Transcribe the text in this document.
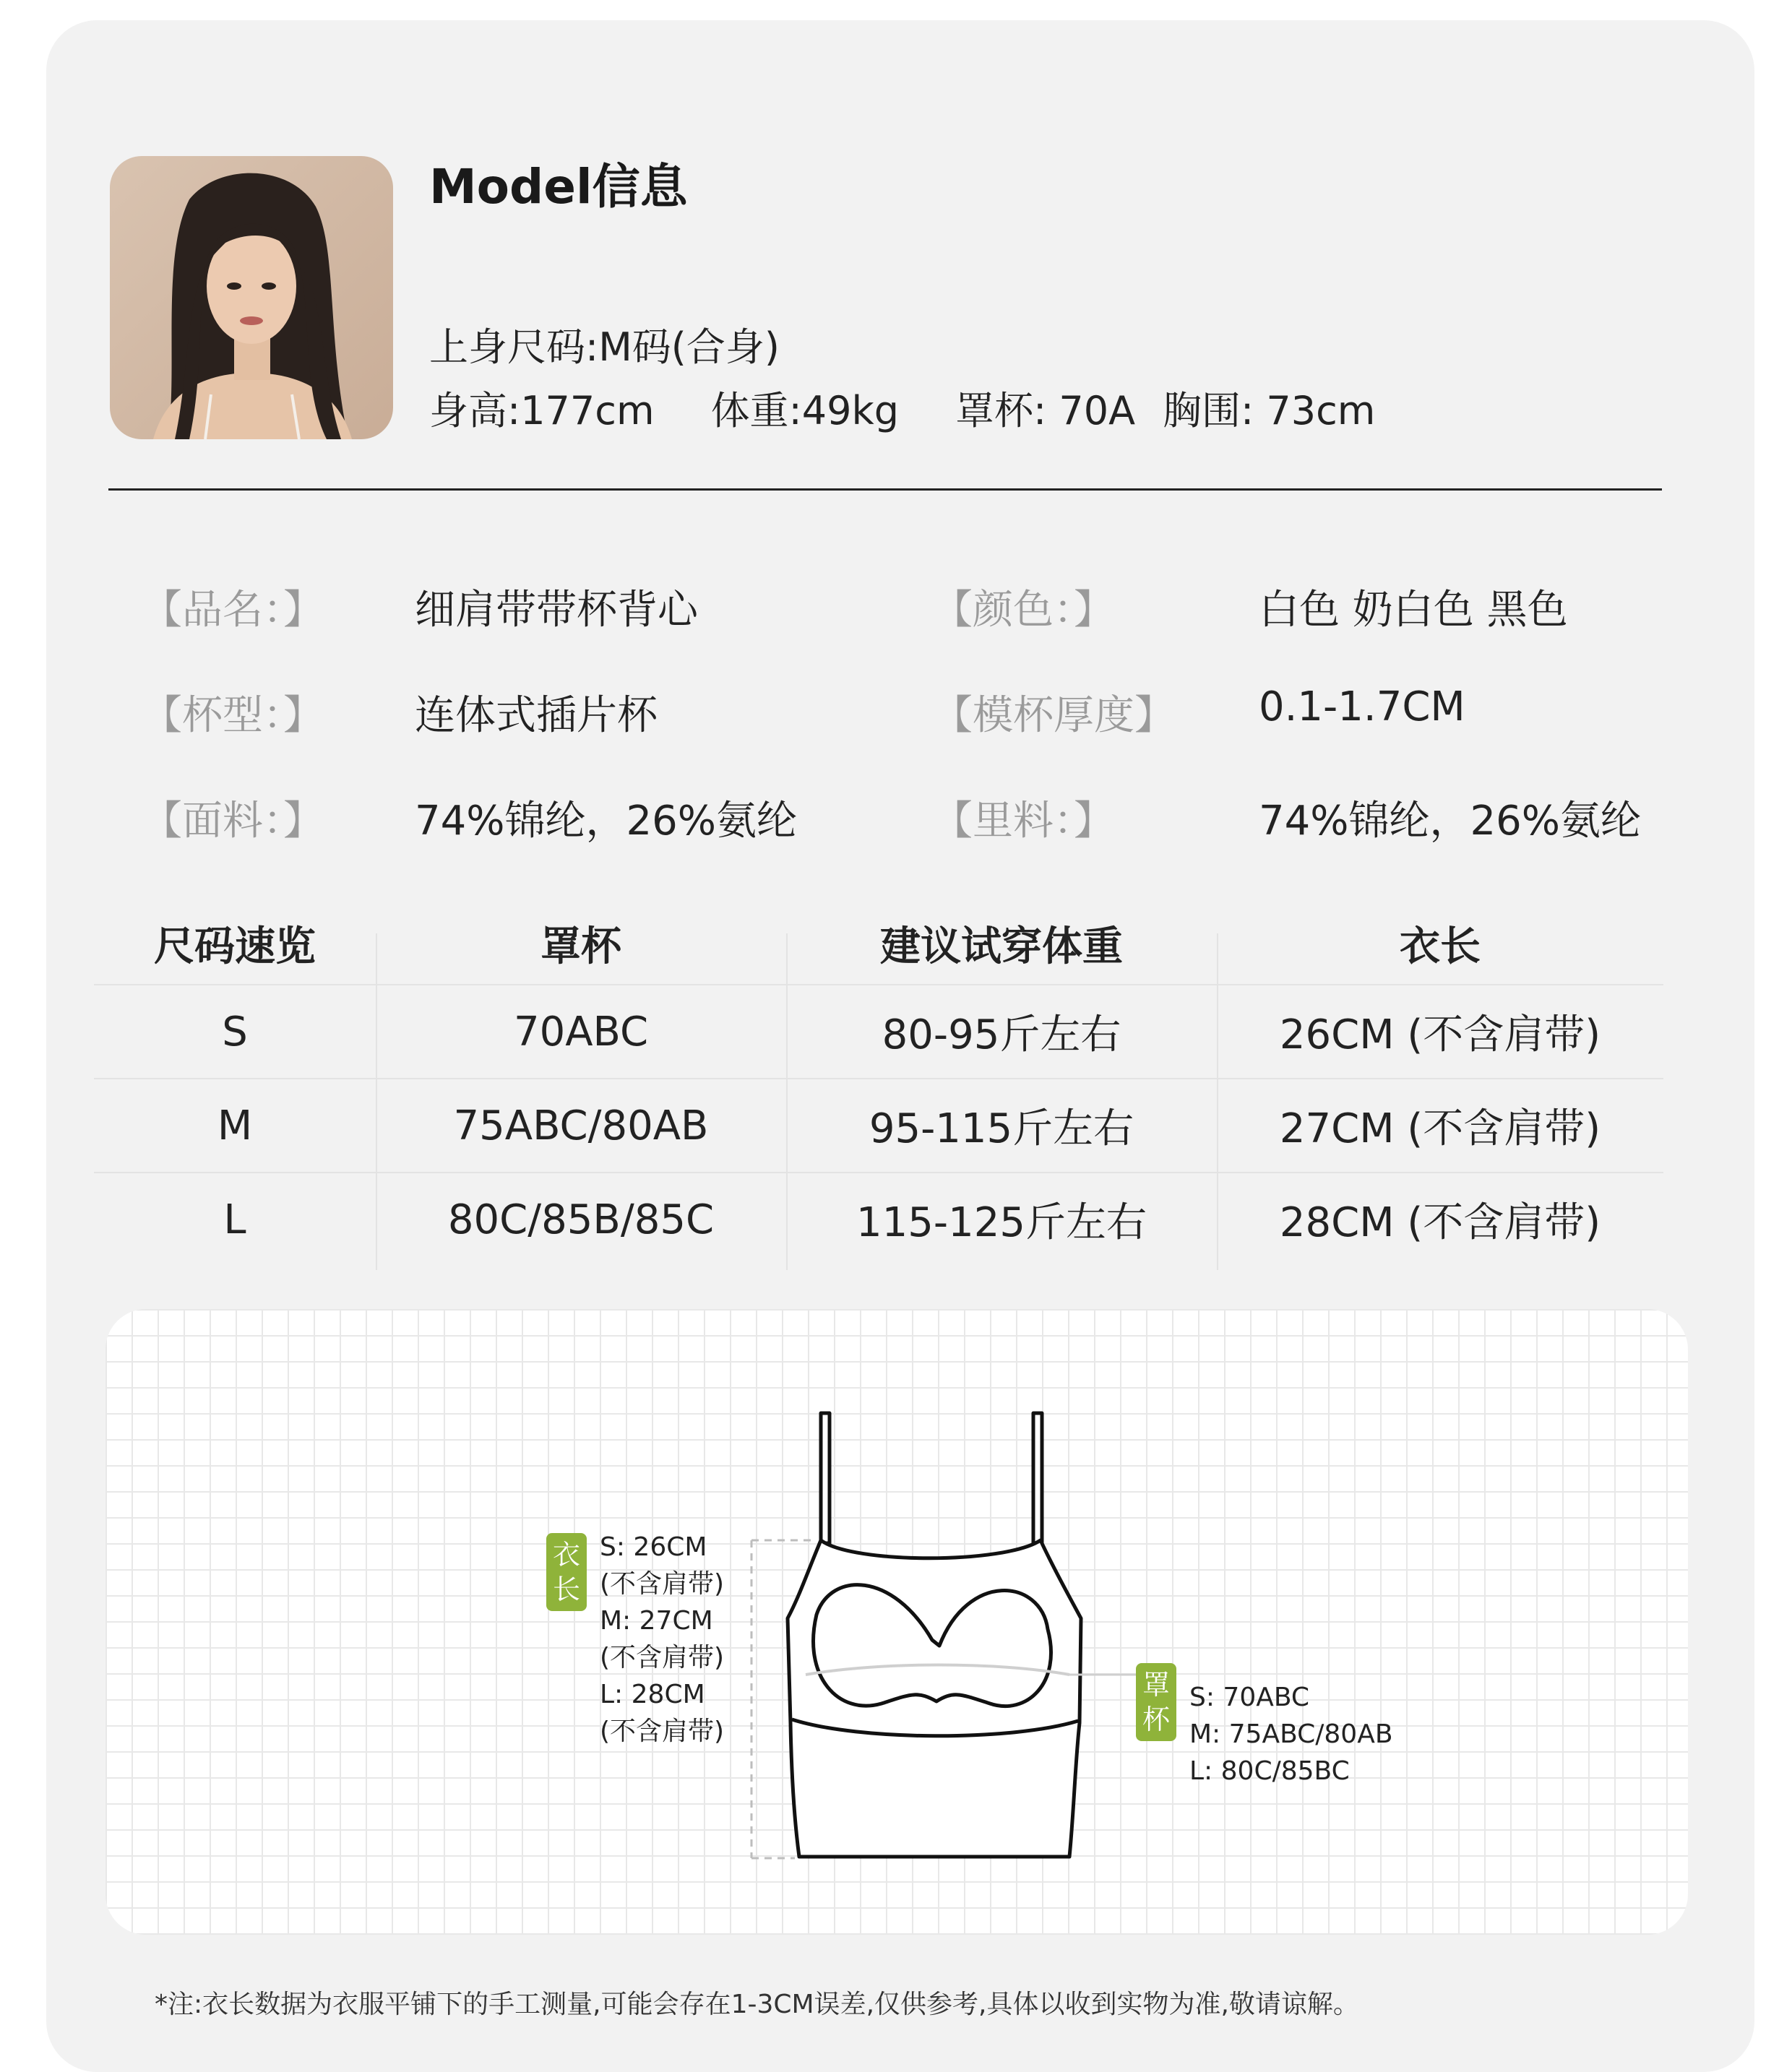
Model信息
上身尺码:M码(合身)
身高:177cm 体重:49kg 罩杯: 70A 胸围: 73cm
【品名：】 细肩带带杯背心	【颜色：】	白色 奶白色 黑色
【杯型：】 连体式插片杯	【模杯厚度】 0.1-1.7CM
【面料：】 74%锦纶，26%氨纶	【里料：】	74%锦纶，26%氨纶
尺码速览	罩杯	建议试穿体重	衣长
S	70ABC	80-95斤左右	26CM (不含肩带)
M	75ABC/80AB	95-115斤左右	27CM (不含肩带)
L	80C/85B/85C	115-125斤左右	28CM (不含肩带)
衣
长
S: 26CM
(不含肩带)
M: 27CM
(不含肩带)
L: 28CM
(不含肩带)
罩
杯
S: 70ABC
M: 75ABC/80AB
L: 80C/85BC
*注:衣长数据为衣服平铺下的手工测量,可能会存在1-3CM误差,仅供参考,具体以收到实物为准,敬请谅解。
